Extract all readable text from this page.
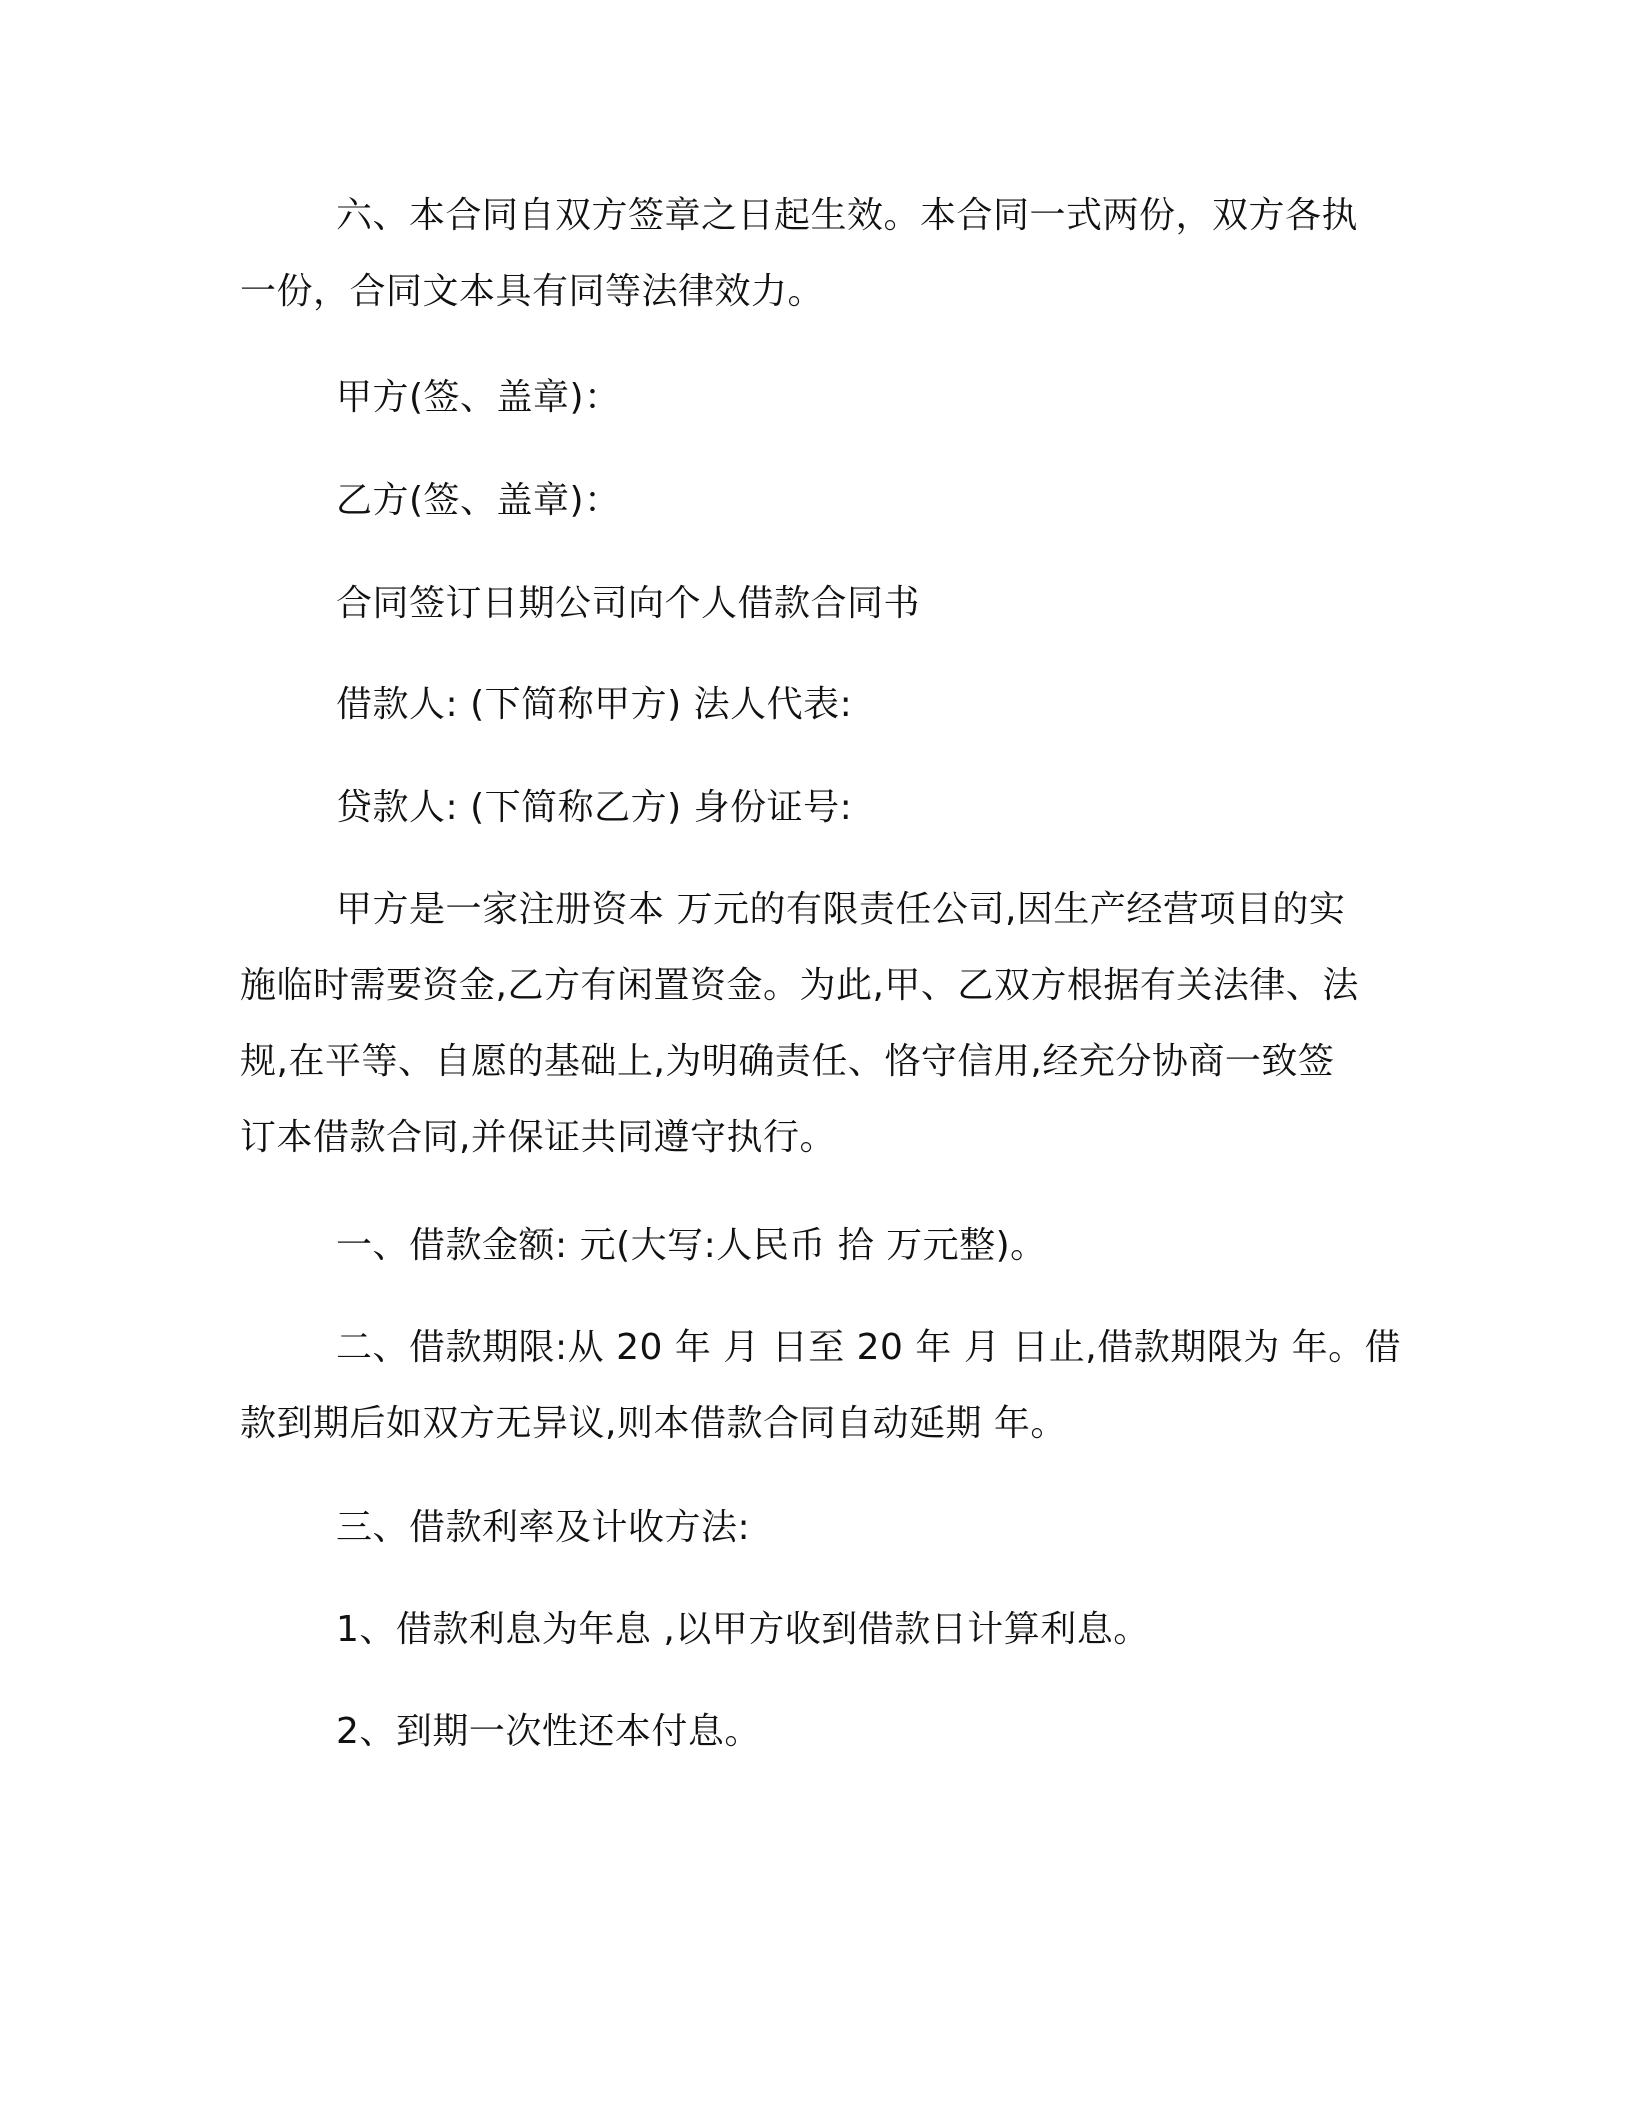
六、本合同自双方签章之日起生效。本合同一式两份，双方各执
一份，合同文本具有同等法律效力。

甲方(签、盖章)：

乙方(签、盖章)：

合同签订日期公司向个人借款合同书

借款人: (下简称甲方) 法人代表:

贷款人: (下简称乙方) 身份证号:

甲方是一家注册资本 万元的有限责任公司,因生产经营项目的实
施临时需要资金,乙方有闲置资金。为此,甲、乙双方根据有关法律、法
规,在平等、自愿的基础上,为明确责任、恪守信用,经充分协商一致签
订本借款合同,并保证共同遵守执行。

一、借款金额: 元(大写:人民币 拾 万元整)。

二、借款期限:从 20 年 月 日至 20 年 月 日止,借款期限为 年。借
款到期后如双方无异议,则本借款合同自动延期 年。

三、借款利率及计收方法:

1、借款利息为年息 ,以甲方收到借款日计算利息。

2、到期一次性还本付息。
